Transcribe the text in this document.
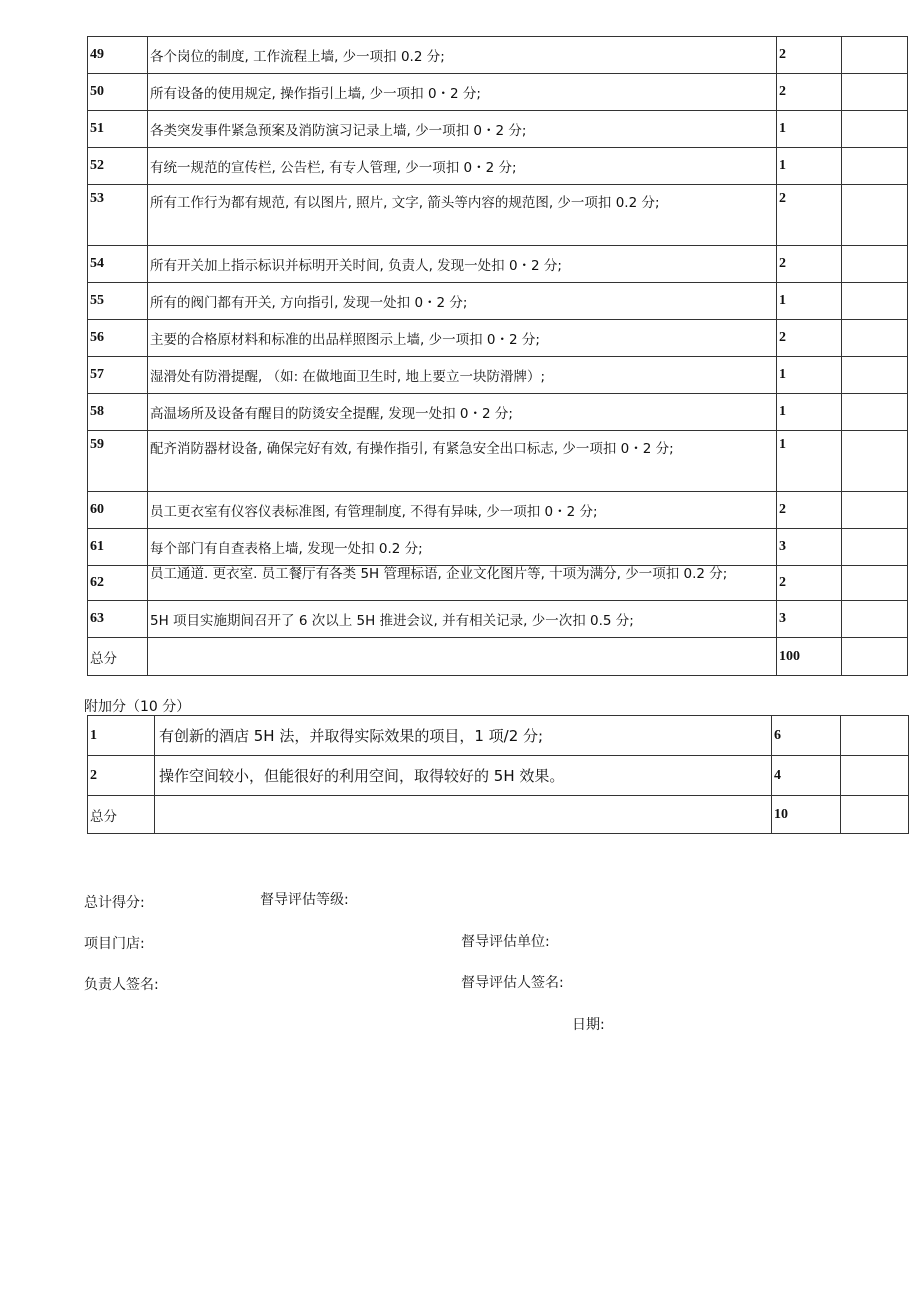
49	各个岗位的制度, 工作流程上墙, 少一项扣 0.2 分;	2	
50	所有设备的使用规定, 操作指引上墙, 少一项扣 0・2 分;	2	
51	各类突发事件紧急预案及消防演习记录上墙, 少一项扣 0・2 分;	1	
52	有统一规范的宣传栏, 公告栏, 有专人管理, 少一项扣 0・2 分;	1	
53	所有工作行为都有规范, 有以图片, 照片, 文字, 箭头等内容的规范图, 少一项扣 0.2 分;	2	
54	所有开关加上指示标识并标明开关时间, 负责人, 发现一处扣 0・2 分;	2	
55	所有的阀门都有开关, 方向指引, 发现一处扣 0・2 分;	1	
56	主要的合格原材料和标准的出品样照图示上墙, 少一项扣 0・2 分;	2	
57	湿滑处有防滑提醒, （如: 在做地面卫生时, 地上要立一块防滑牌）;	1	
58	高温场所及设备有醒目的防烫安全提醒, 发现一处扣 0・2 分;	1	
59	配齐消防器材设备, 确保完好有效, 有操作指引, 有紧急安全出口标志, 少一项扣 0・2 分;	1	
60	员工更衣室有仪容仪表标准图, 有管理制度, 不得有异味, 少一项扣 0・2 分;	2	
61	每个部门有自查表格上墙, 发现一处扣 0.2 分;	3	
62	员工通道. 更衣室. 员工餐厅有各类 5H 管理标语, 企业文化图片等, 十项为满分, 少一项扣 0.2 分;	2	
63	5H 项目实施期间召开了 6 次以上 5H 推进会议, 并有相关记录, 少一次扣 0.5 分;	3	
总分		100	
附加分（10 分）
1	有创新的酒店 5H 法，并取得实际效果的项目，1 项/2 分;	6	
2	操作空间较小，但能很好的利用空间，取得较好的 5H 效果。	4	
总分		10	
总计得分:	督导评估等级:
项目门店:	督导评估单位:
负责人签名:	督导评估人签名:
日期:
